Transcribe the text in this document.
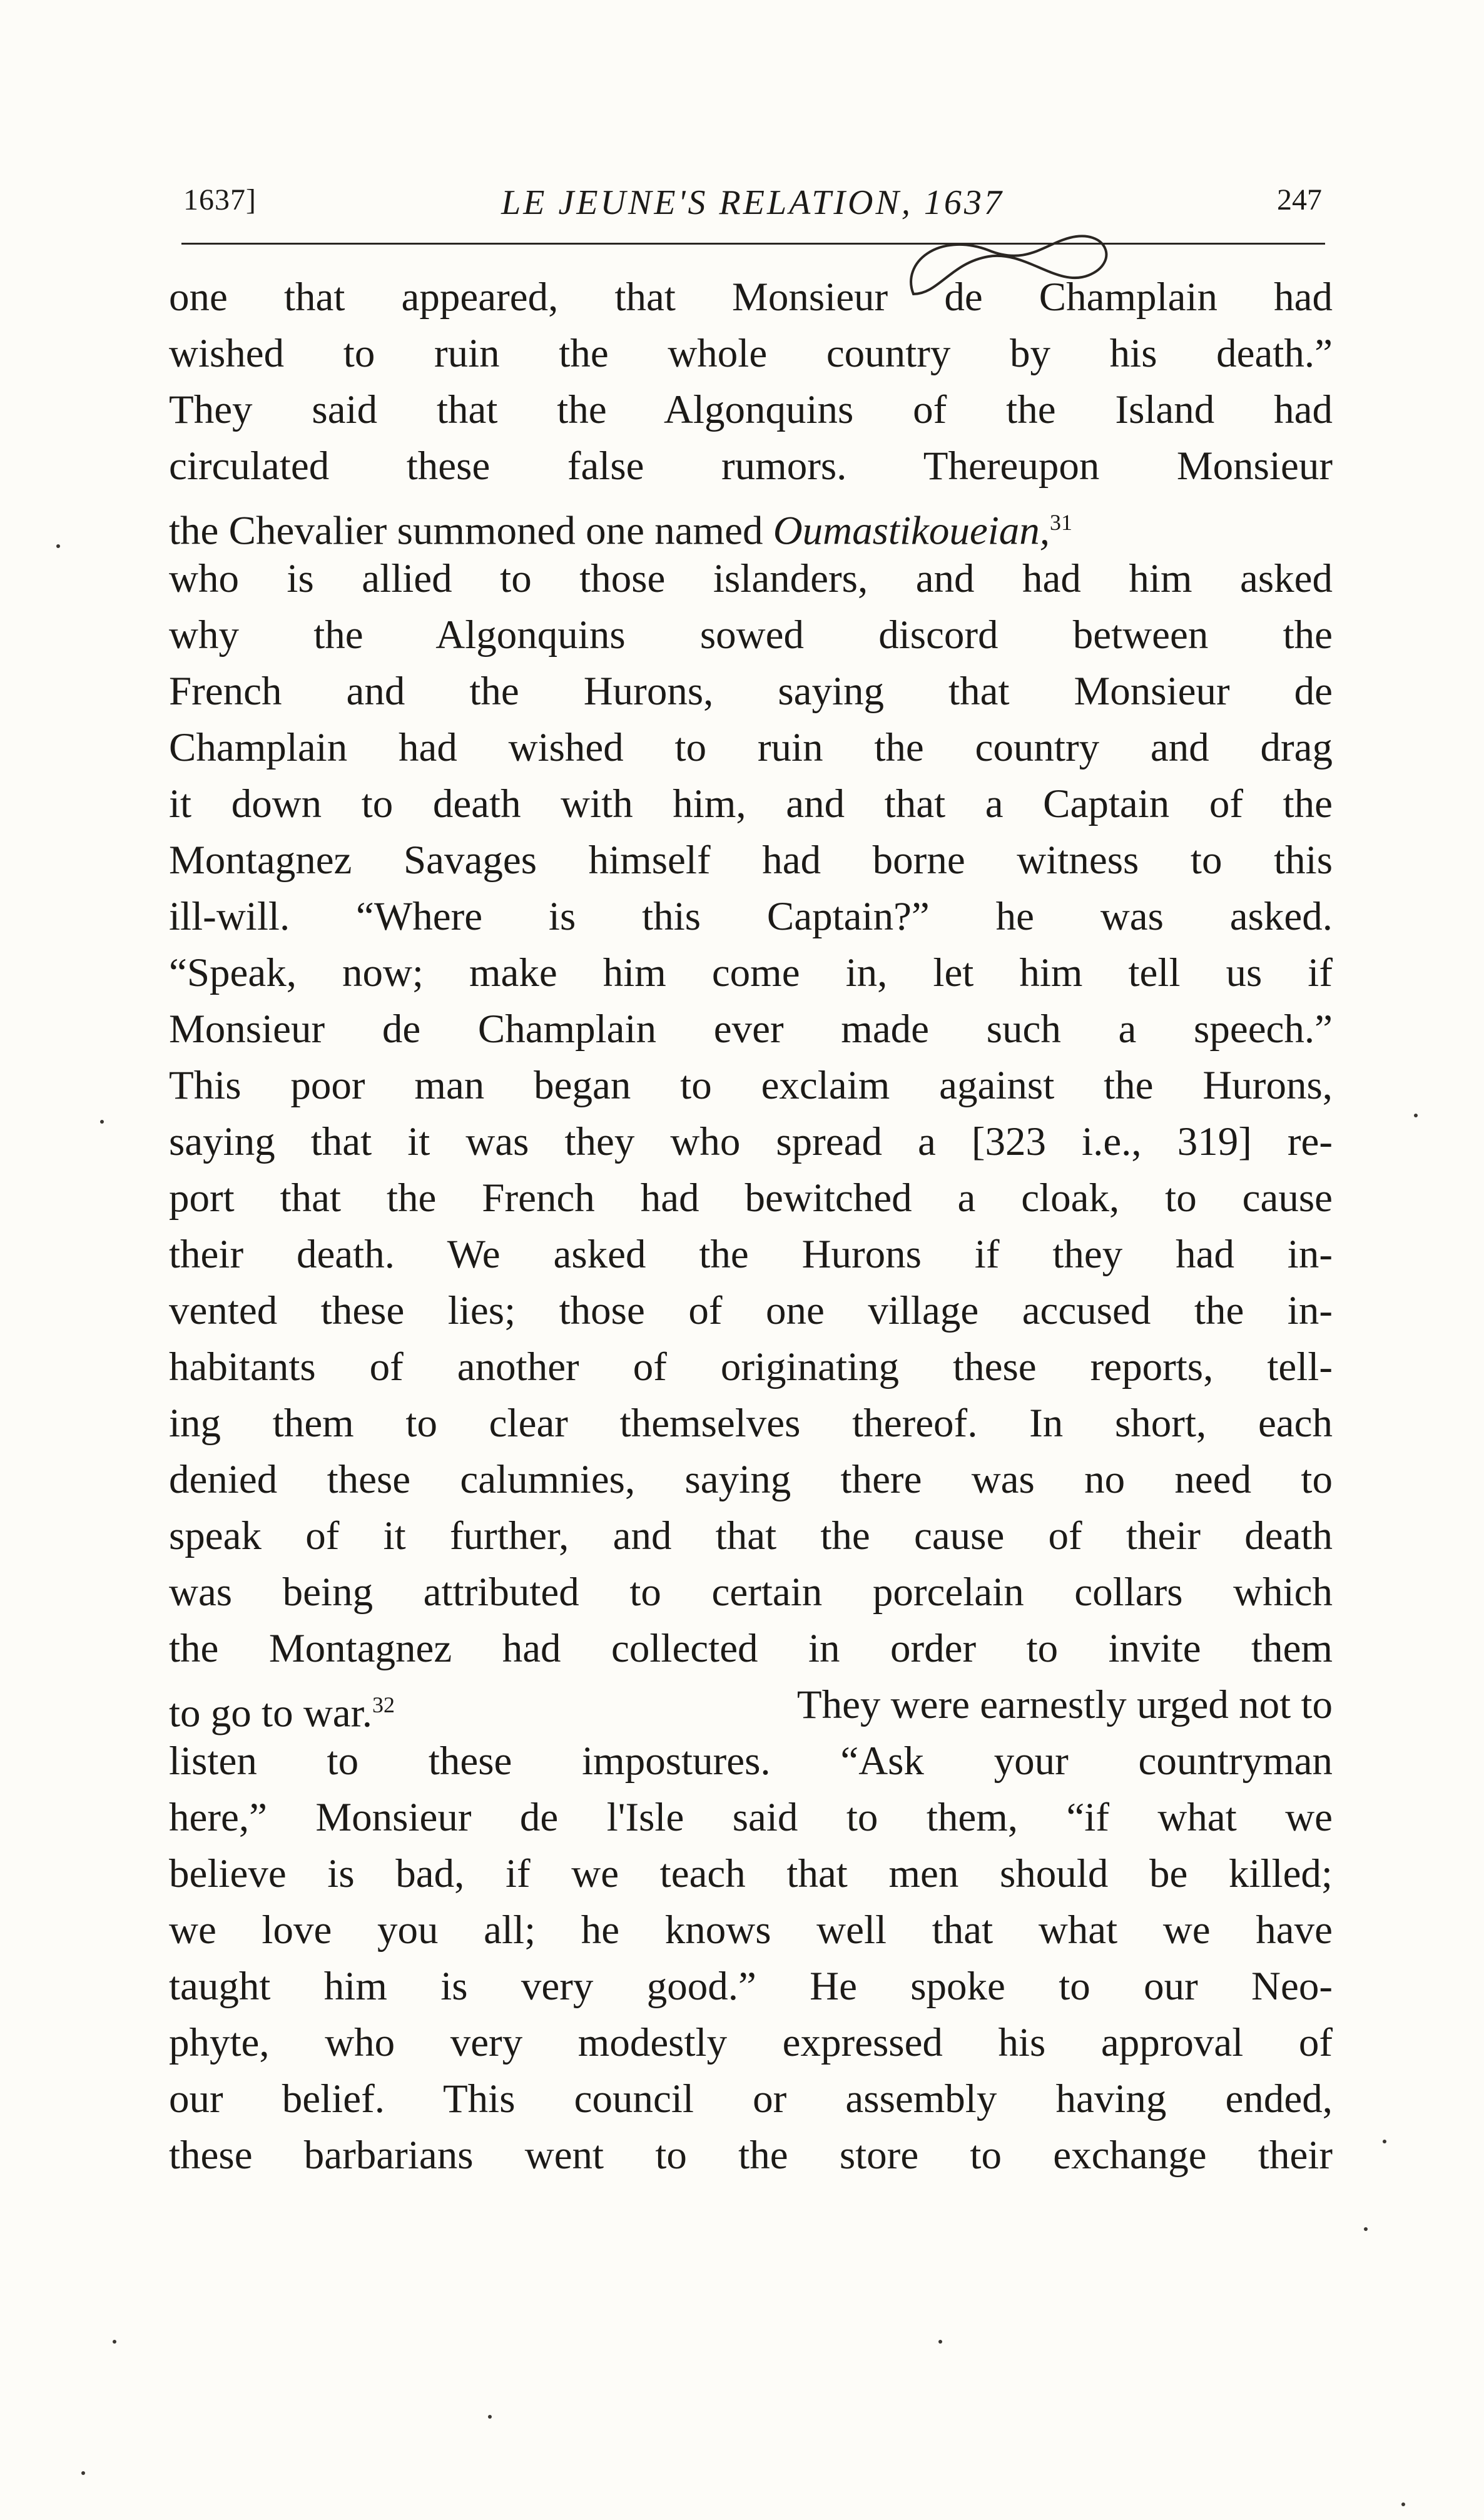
1637]	LE JEUNE'S RELATION, 1637	247
one that appeared, that Monsieur de Champlain had
wished to ruin the whole country by his death.”
They said that the Algonquins of the Island had
circulated these false rumors. Thereupon Monsieur
the Chevalier summoned one named Oumastikoueian,$^{31}$
who is allied to those islanders, and had him asked
why the Algonquins sowed discord between the
French and the Hurons, saying that Monsieur de
Champlain had wished to ruin the country and drag
it down to death with him, and that a Captain of the
Montagnez Savages himself had borne witness to this
ill-will. “Where is this Captain?” he was asked.
“Speak, now; make him come in, let him tell us if
Monsieur de Champlain ever made such a speech.”
This poor man began to exclaim against the Hurons,
saying that it was they who spread a [323 i.e., 319] re-
port that the French had bewitched a cloak, to cause
their death. We asked the Hurons if they had in-
vented these lies; those of one village accused the in-
habitants of another of originating these reports, tell-
ing them to clear themselves thereof. In short, each
denied these calumnies, saying there was no need to
speak of it further, and that the cause of their death
was being attributed to certain porcelain collars which
the Montagnez had collected in order to invite them
to go to war.$^{32}$	They were earnestly urged not to
listen to these impostures. “Ask your countryman
here,” Monsieur de l'Isle said to them, “if what we
believe is bad, if we teach that men should be killed;
we love you all; he knows well that what we have
taught him is very good.” He spoke to our Neo-
phyte, who very modestly expressed his approval of
our belief. This council or assembly having ended,
these barbarians went to the store to exchange their
